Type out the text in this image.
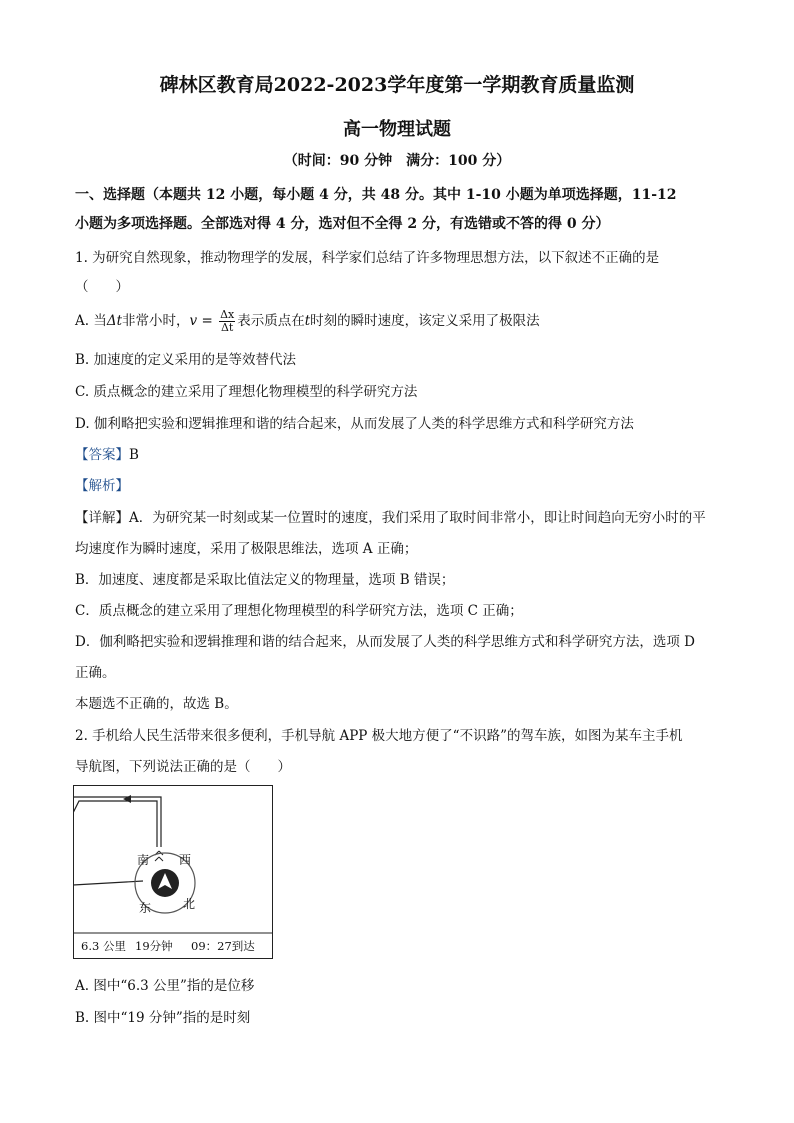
碑林区教育局2022-2023学年度第一学期教育质量监测
高一物理试题
（时间：90 分钟　满分：100 分）
一、选择题（本题共 12 小题，每小题 4 分，共 48 分。其中 1-10 小题为单项选择题，11-12
小题为多项选择题。全部选对得 4 分，选对但不全得 2 分，有选错或不答的得 0 分）
1. 为研究自然现象，推动物理学的发展，科学家们总结了许多物理思想方法，以下叙述不正确的是
（　　）
A. 当Δt非常小时，$v = \frac{\Delta x}{\Delta t}$ 表示质点在t时刻的瞬时速度，该定义采用了极限法
B. 加速度的定义采用的是等效替代法
C. 质点概念的建立采用了理想化物理模型的科学研究方法
D. 伽利略把实验和逻辑推理和谐的结合起来，从而发展了人类的科学思维方式和科学研究方法
【答案】B
【解析】
【详解】A．为研究某一时刻或某一位置时的速度，我们采用了取时间非常小，即让时间趋向无穷小时的平
均速度作为瞬时速度，采用了极限思维法，选项 A 正确；
B．加速度、速度都是采取比值法定义的物理量，选项 B 错误；
C．质点概念的建立采用了理想化物理模型的科学研究方法，选项 C 正确；
D．伽利略把实验和逻辑推理和谐的结合起来，从而发展了人类的科学思维方式和科学研究方法，选项 D
正确。
本题选不正确的，故选 B。
2. 手机给人民生活带来很多便利，手机导航 APP 极大地方便了“不识路”的驾车族，如图为某车主手机
导航图，下列说法正确的是（　　）
南 西
东	北
6.3 公里 19分钟 09：27到达
A. 图中“6.3 公里”指的是位移
B. 图中“19 分钟”指的是时刻
